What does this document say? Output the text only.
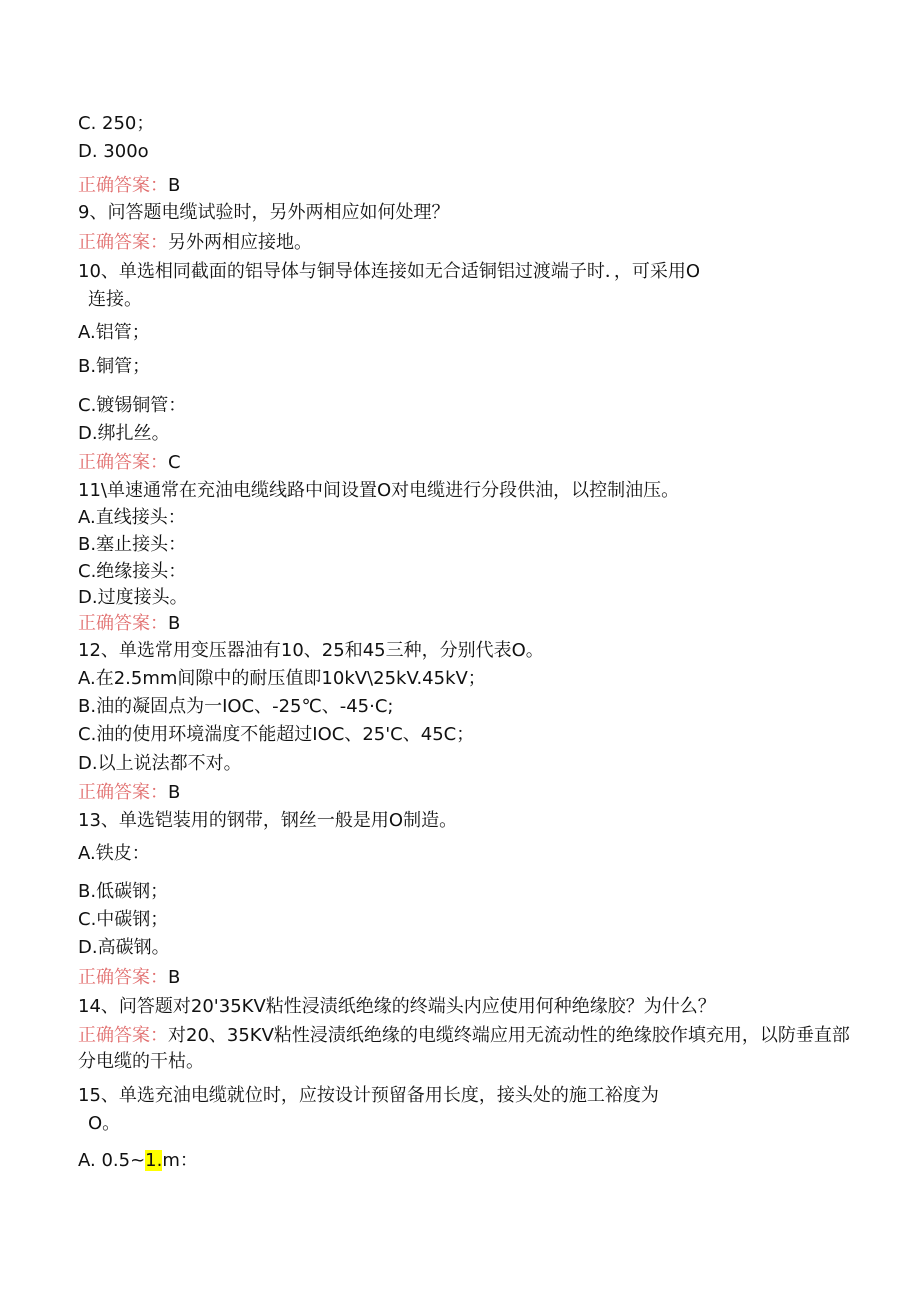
C. 250；
D. 300o
正确答案：B
9、问答题电缆试验时，另外两相应如何处理？
正确答案：另外两相应接地。
10、单选相同截面的铝导体与铜导体连接如无合适铜铝过渡端子时．，可采用O
连接。
A.铝管；
B.铜管；
C.镀锡铜管：
D.绑扎丝。
正确答案：C
11\单速通常在充油电缆线路中间设置O对电缆进行分段供油，以控制油压。
A.直线接头：
B.塞止接头：
C.绝缘接头：
D.过度接头。
正确答案：B
12、单选常用变压器油有10、25和45三种，分别代表O。
A.在2.5mm间隙中的耐压值即10kV\25kV.45kV；
B.油的凝固点为一IOC、-25℃、-45·C;
C.油的使用环境湍度不能超过IOC、25'C、45C；
D.以上说法都不对。
正确答案：B
13、单选铠装用的钢带，钢丝一般是用O制造。
A.铁皮：
B.低碳钢；
C.中碳钢；
D.高碳钢。
正确答案：B
14、问答题对20'35KV粘性浸渍纸绝缘的终端头内应使用何种绝缘胶？为什么？
正确答案：对20、35KV粘性浸渍纸绝缘的电缆终端应用无流动性的绝缘胶作填充用，以防垂直部分电缆的干枯。
15、单选充油电缆就位时，应按设计预留备用长度，接头处的施工裕度为
O。
A. 0.5~1.m：
